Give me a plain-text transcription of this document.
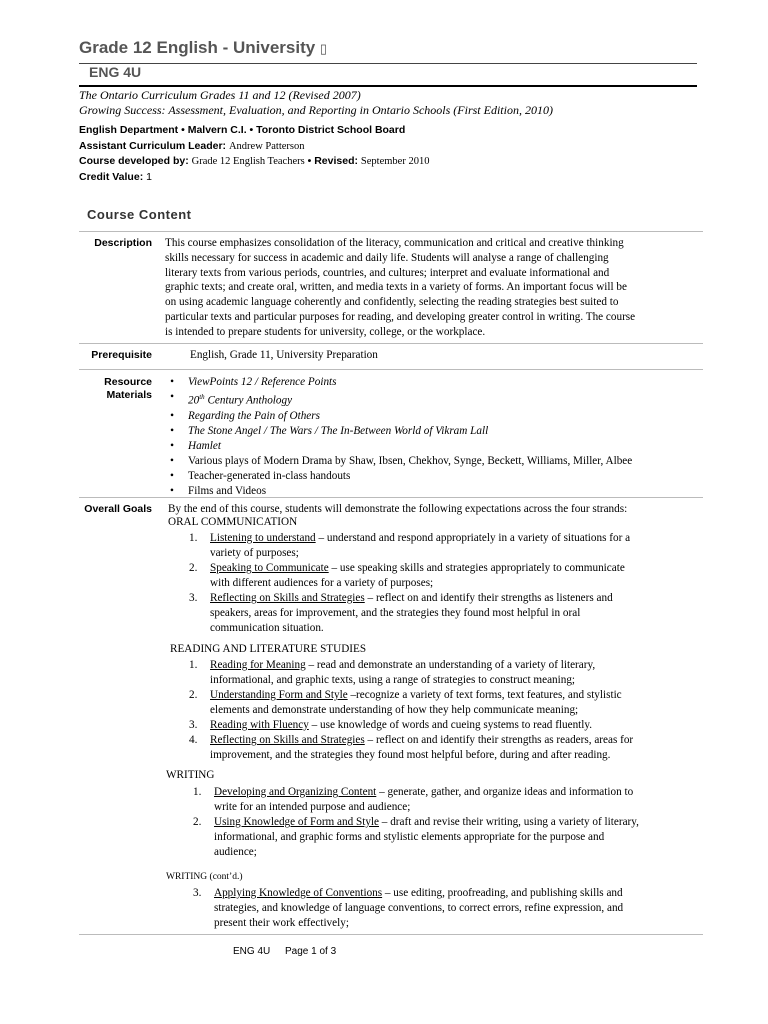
Grade 12 English - University ▯
ENG 4U
The Ontario Curriculum Grades 11 and 12 (Revised 2007)
Growing Success: Assessment, Evaluation, and Reporting in Ontario Schools (First Edition, 2010)
English Department • Malvern C.I. • Toronto District School Board
Assistant Curriculum Leader: Andrew Patterson
Course developed by: Grade 12 English Teachers • Revised: September 2010
Credit Value: 1
Course Content
Description This course emphasizes consolidation of the literacy, communication and critical and creative thinking
skills necessary for success in academic and daily life. Students will analyse a range of challenging
literary texts from various periods, countries, and cultures; interpret and evaluate informational and
graphic texts; and create oral, written, and media texts in a variety of forms. An important focus will be
on using academic language coherently and confidently, selecting the reading strategies best suited to
particular texts and particular purposes for reading, and developing greater control in writing. The course
is intended to prepare students for university, college, or the workplace.
Prerequisite	English, Grade 11, University Preparation
Resource
Materials
• ViewPoints 12 / Reference Points
• 20th Century Anthology
• Regarding the Pain of Others
• The Stone Angel / The Wars / The In-Between World of Vikram Lall
• Hamlet
• Various plays of Modern Drama by Shaw, Ibsen, Chekhov, Synge, Beckett, Williams, Miller, Albee
• Teacher-generated in-class handouts
• Films and Videos
Overall Goals By the end of this course, students will demonstrate the following expectations across the four strands:
ORAL COMMUNICATION
1. Listening to understand – understand and respond appropriately in a variety of situations for a
variety of purposes;
2. Speaking to Communicate – use speaking skills and strategies appropriately to communicate
with different audiences for a variety of purposes;
3. Reflecting on Skills and Strategies – reflect on and identify their strengths as listeners and
speakers, areas for improvement, and the strategies they found most helpful in oral
communication situation.
READING AND LITERATURE STUDIES
1. Reading for Meaning – read and demonstrate an understanding of a variety of literary,
informational, and graphic texts, using a range of strategies to construct meaning;
2. Understanding Form and Style –recognize a variety of text forms, text features, and stylistic
elements and demonstrate understanding of how they help communicate meaning;
3. Reading with Fluency – use knowledge of words and cueing systems to read fluently.
4. Reflecting on Skills and Strategies – reflect on and identify their strengths as readers, areas for
improvement, and the strategies they found most helpful before, during and after reading.
WRITING
1. Developing and Organizing Content – generate, gather, and organize ideas and information to
write for an intended purpose and audience;
2. Using Knowledge of Form and Style – draft and revise their writing, using a variety of literary,
informational, and graphic forms and stylistic elements appropriate for the purpose and
audience;
WRITING (cont’d.)
3. Applying Knowledge of Conventions – use editing, proofreading, and publishing skills and
strategies, and knowledge of language conventions, to correct errors, refine expression, and
present their work effectively;
ENG 4U Page 1 of 3
